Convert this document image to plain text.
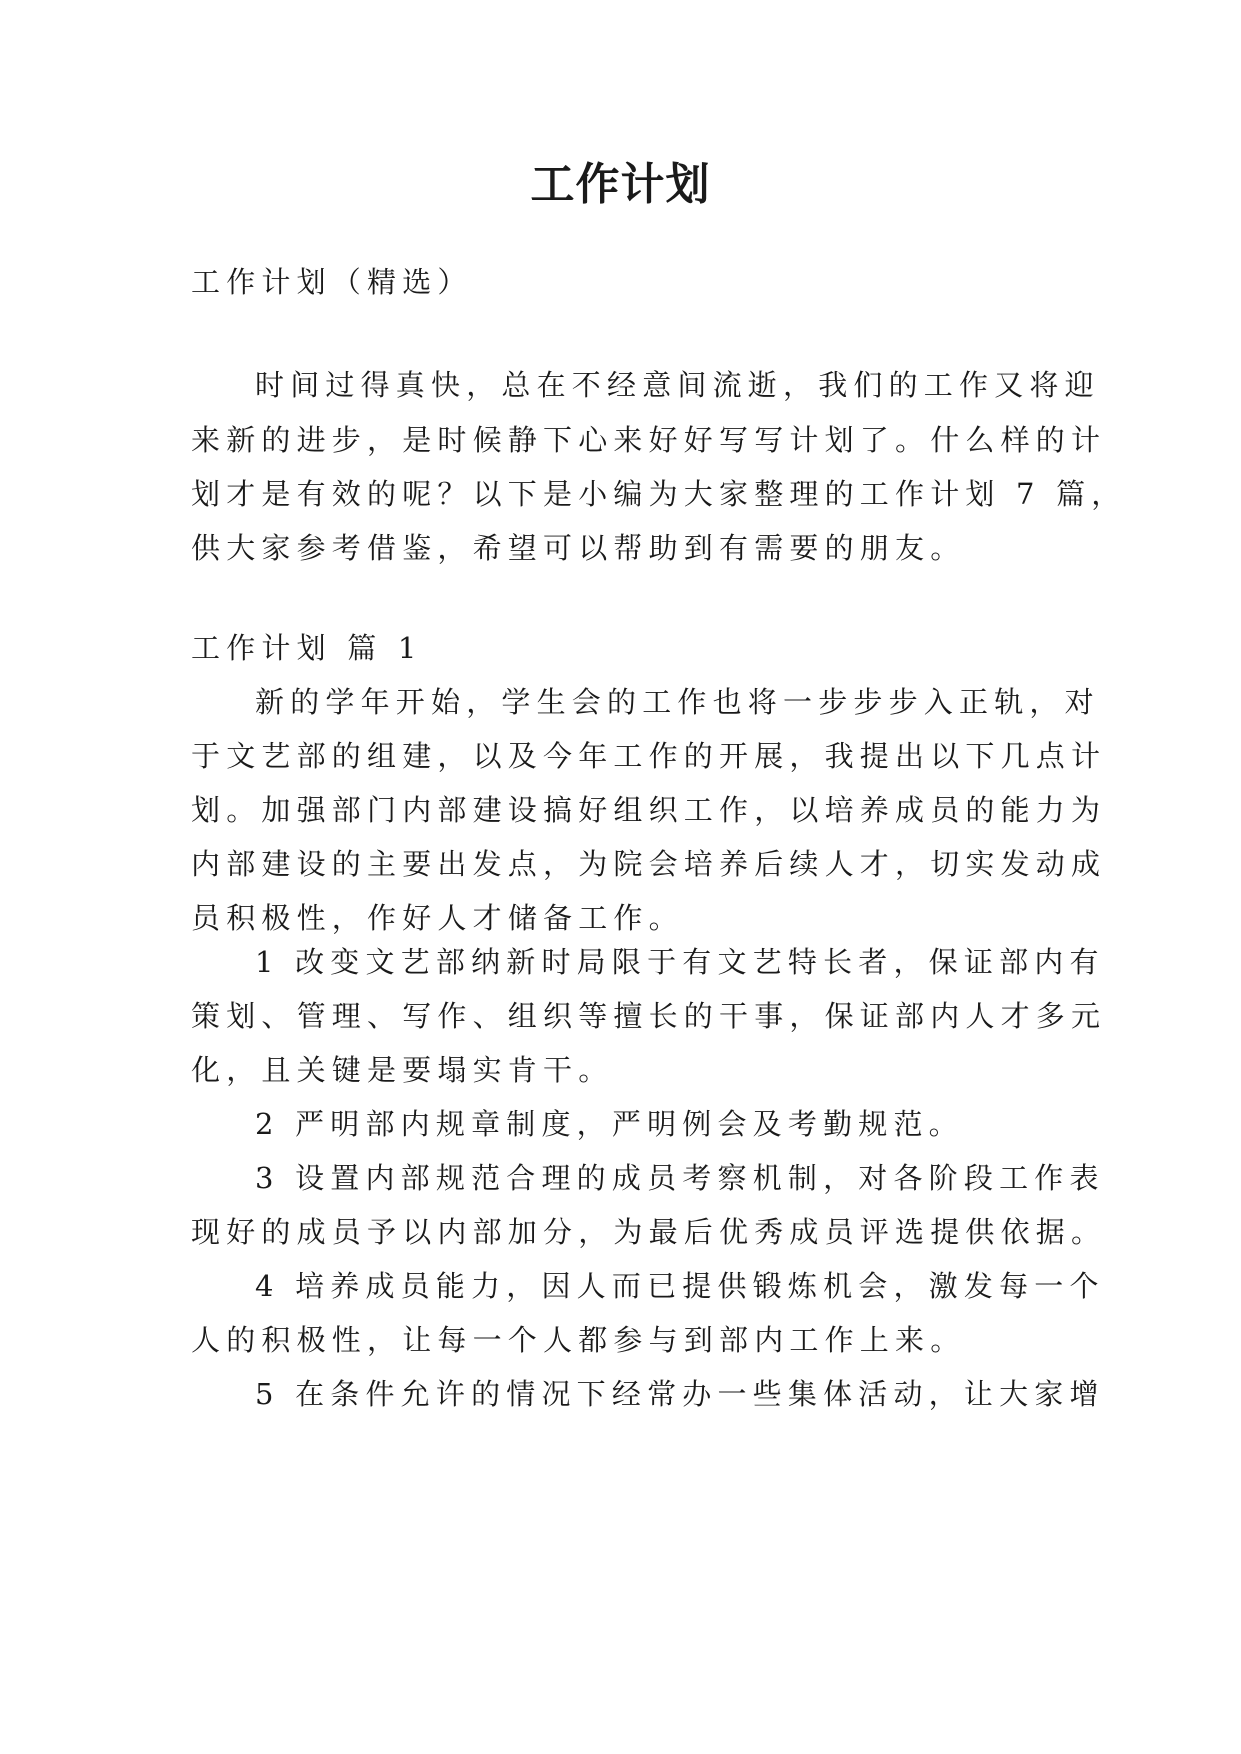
工作计划

工作计划（精选）

时间过得真快，总在不经意间流逝，我们的工作又将迎

来新的进步，是时候静下心来好好写写计划了。什么样的计

划才是有效的呢？以下是小编为大家整理的工作计划 7 篇，

供大家参考借鉴，希望可以帮助到有需要的朋友。

工作计划 篇 1

新的学年开始，学生会的工作也将一步步步入正轨，对

于文艺部的组建，以及今年工作的开展，我提出以下几点计

划。加强部门内部建设搞好组织工作，以培养成员的能力为

内部建设的主要出发点，为院会培养后续人才，切实发动成

员积极性，作好人才储备工作。

1 改变文艺部纳新时局限于有文艺特长者，保证部内有

策划、管理、写作、组织等擅长的干事，保证部内人才多元

化，且关键是要塌实肯干。

2 严明部内规章制度，严明例会及考勤规范。

3 设置内部规范合理的成员考察机制，对各阶段工作表

现好的成员予以内部加分，为最后优秀成员评选提供依据。

4 培养成员能力，因人而已提供锻炼机会，激发每一个

人的积极性，让每一个人都参与到部内工作上来。

5 在条件允许的情况下经常办一些集体活动，让大家增
